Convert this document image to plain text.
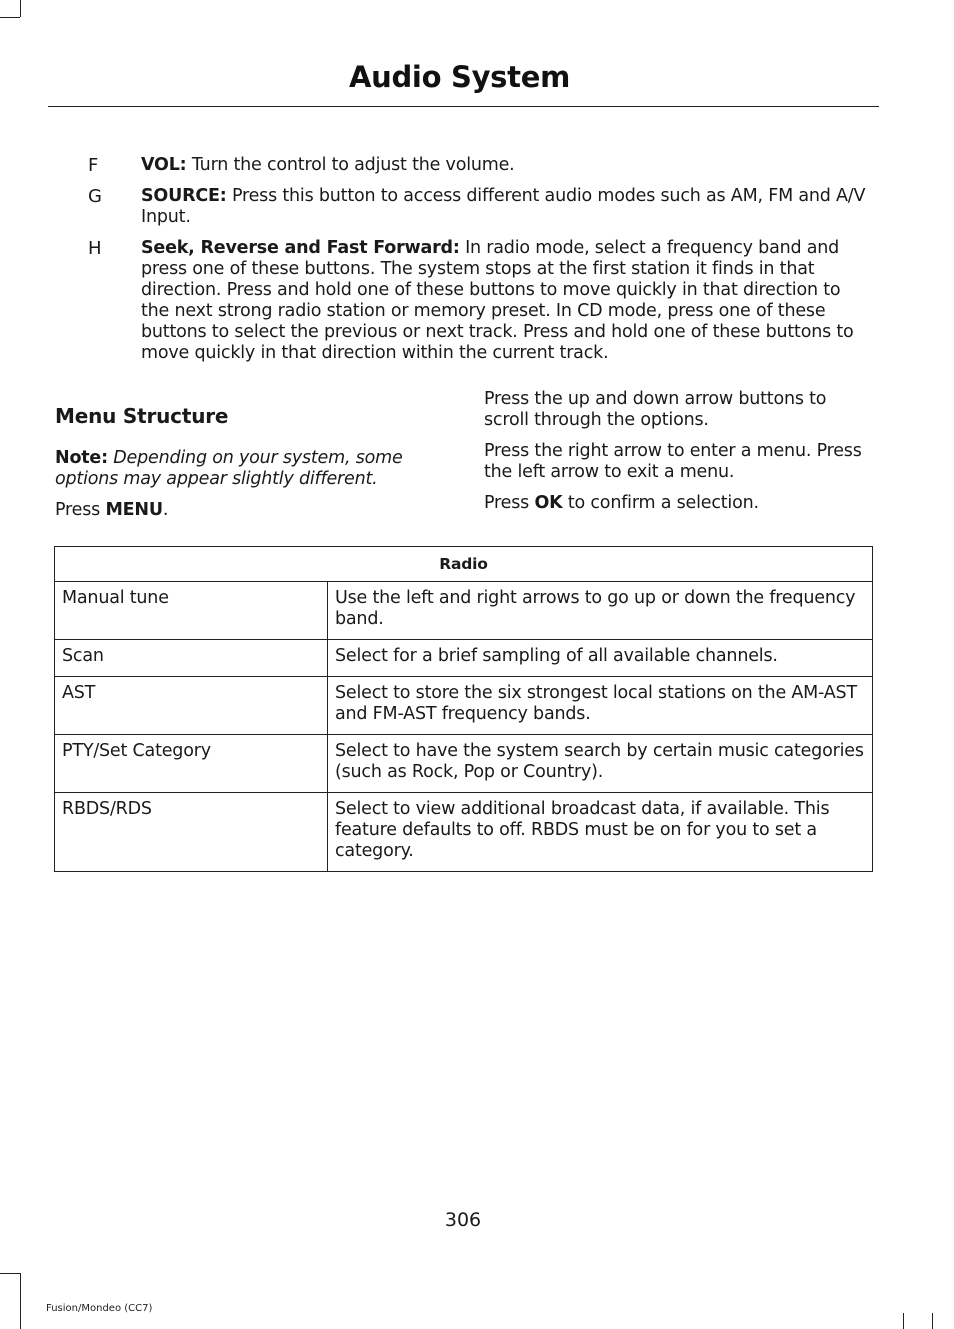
Audio System
F VOL: Turn the control to adjust the volume.
G SOURCE: Press this button to access different audio modes such as AM, FM and A/V Input.
H Seek, Reverse and Fast Forward: In radio mode, select a frequency band and press one of these buttons. The system stops at the first station it finds in that direction. Press and hold one of these buttons to move quickly in that direction to the next strong radio station or memory preset. In CD mode, press one of these buttons to select the previous or next track. Press and hold one of these buttons to move quickly in that direction within the current track.
Menu Structure

Note: Depending on your system, some options may appear slightly different.

Press MENU.

Press the up and down arrow buttons to scroll through the options.

Press the right arrow to enter a menu. Press the left arrow to exit a menu.

Press OK to confirm a selection.

Radio	
Manual tune	Use the left and right arrows to go up or down the frequency band.
Scan	Select for a brief sampling of all available channels.
AST	Select to store the six strongest local stations on the AM-AST and FM-AST frequency bands.
PTY/Set Category	Select to have the system search by certain music categories (such as Rock, Pop or Country).
RBDS/RDS	Select to view additional broadcast data, if available. This feature defaults to off. RBDS must be on for you to set a category.
306
Fusion/Mondeo (CC7)
